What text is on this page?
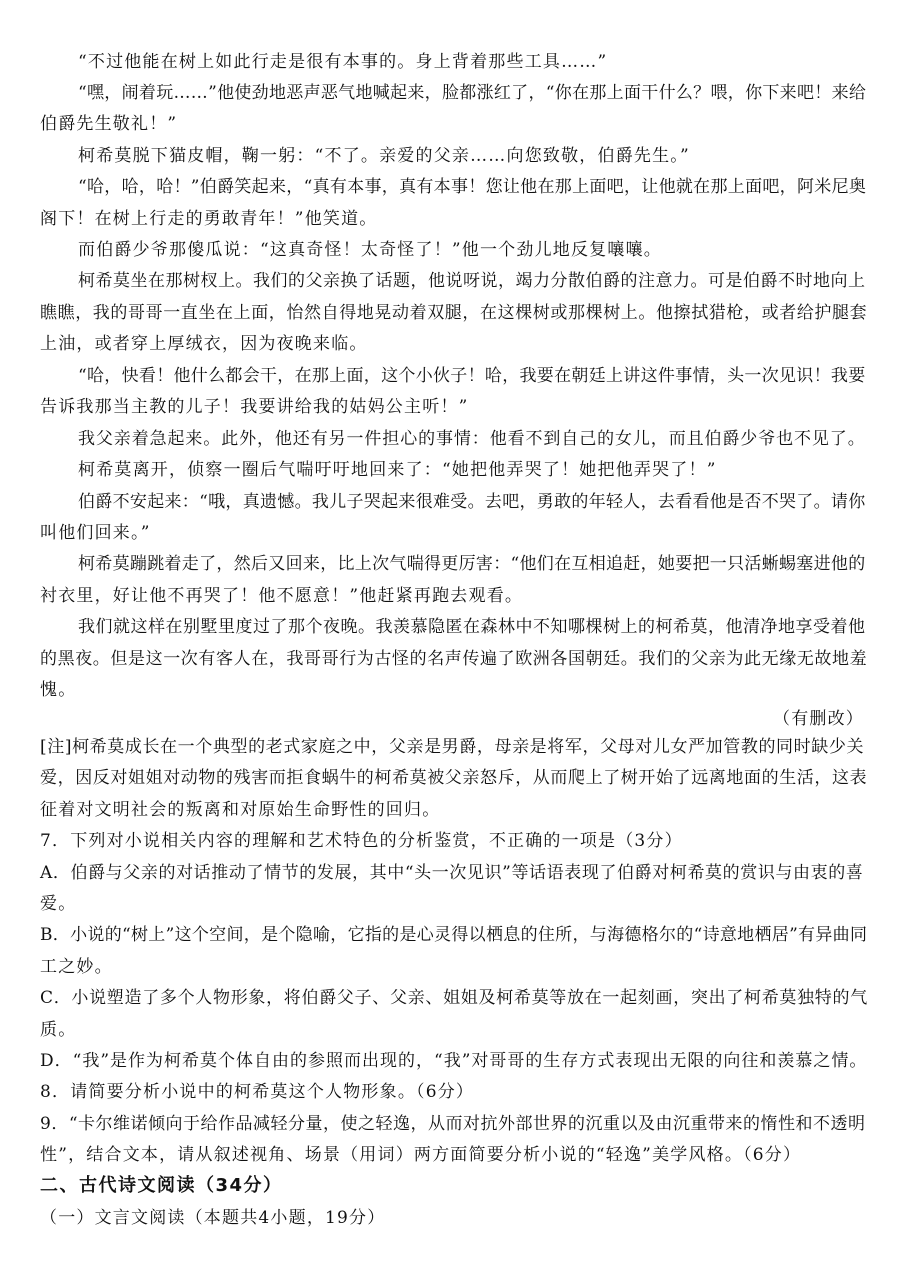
“不过他能在树上如此行走是很有本事的。身上背着那些工具……”

“嘿，闹着玩……”他使劲地恶声恶气地喊起来，脸都涨红了，“你在那上面干什么？喂，你下来吧！来给

伯爵先生敬礼！”

柯希莫脱下猫皮帽，鞠一躬：“不了。亲爱的父亲……向您致敬，伯爵先生。”

“哈，哈，哈！”伯爵笑起来，“真有本事，真有本事！您让他在那上面吧，让他就在那上面吧，阿米尼奥

阁下！在树上行走的勇敢青年！”他笑道。

而伯爵少爷那傻瓜说：“这真奇怪！太奇怪了！”他一个劲儿地反复嚷嚷。

柯希莫坐在那树杈上。我们的父亲换了话题，他说呀说，竭力分散伯爵的注意力。可是伯爵不时地向上

瞧瞧，我的哥哥一直坐在上面，怡然自得地晃动着双腿，在这棵树或那棵树上。他擦拭猎枪，或者给护腿套

上油，或者穿上厚绒衣，因为夜晚来临。

“哈，快看！他什么都会干，在那上面，这个小伙子！哈，我要在朝廷上讲这件事情，头一次见识！我要

告诉我那当主教的儿子！我要讲给我的姑妈公主听！”

我父亲着急起来。此外，他还有另一件担心的事情：他看不到自己的女儿，而且伯爵少爷也不见了。

柯希莫离开，侦察一圈后气喘吁吁地回来了：“她把他弄哭了！她把他弄哭了！”

伯爵不安起来：“哦，真遗憾。我儿子哭起来很难受。去吧，勇敢的年轻人，去看看他是否不哭了。请你

叫他们回来。”

柯希莫蹦跳着走了，然后又回来，比上次气喘得更厉害：“他们在互相追赶，她要把一只活蜥蜴塞进他的

衬衣里，好让他不再哭了！他不愿意！”他赶紧再跑去观看。

我们就这样在别墅里度过了那个夜晚。我羡慕隐匿在森林中不知哪棵树上的柯希莫，他清净地享受着他

的黑夜。但是这一次有客人在，我哥哥行为古怪的名声传遍了欧洲各国朝廷。我们的父亲为此无缘无故地羞

愧。

（有删改）

[注]柯希莫成长在一个典型的老式家庭之中，父亲是男爵，母亲是将军，父母对儿女严加管教的同时缺少关

爱，因反对姐姐对动物的残害而拒食蜗牛的柯希莫被父亲怒斥，从而爬上了树开始了远离地面的生活，这表

征着对文明社会的叛离和对原始生命野性的回归。

7．下列对小说相关内容的理解和艺术特色的分析鉴赏，不正确的一项是（3分）

A．伯爵与父亲的对话推动了情节的发展，其中“头一次见识”等话语表现了伯爵对柯希莫的赏识与由衷的喜

爱。

B．小说的“树上”这个空间，是个隐喻，它指的是心灵得以栖息的住所，与海德格尔的“诗意地栖居”有异曲同

工之妙。

C．小说塑造了多个人物形象，将伯爵父子、父亲、姐姐及柯希莫等放在一起刻画，突出了柯希莫独特的气

质。

D．“我”是作为柯希莫个体自由的参照而出现的，“我”对哥哥的生存方式表现出无限的向往和羡慕之情。

8．请简要分析小说中的柯希莫这个人物形象。（6分）

9．“卡尔维诺倾向于给作品减轻分量，使之轻逸，从而对抗外部世界的沉重以及由沉重带来的惰性和不透明

性”，结合文本，请从叙述视角、场景（用词）两方面简要分析小说的“轻逸”美学风格。（6分）

二、古代诗文阅读（34分）

（一）文言文阅读（本题共4小题，19分）
